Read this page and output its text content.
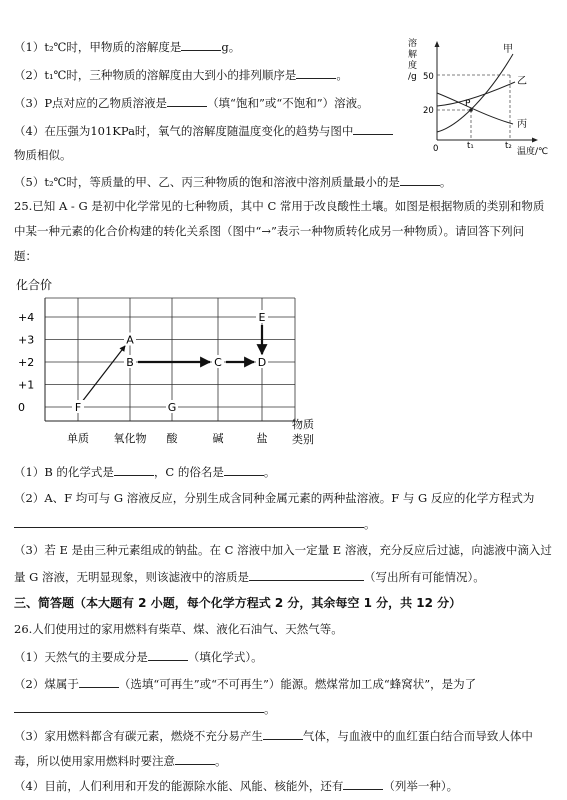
（1）t₂℃时，甲物质的溶解度是	g。
（2）t₁℃时，三种物质的溶解度由大到小的排列顺序是	。
（3）P点对应的乙物质溶液是	（填“饱和”或“不饱和”）溶液。
（4）在压强为101KPa时，氧气的溶解度随温度变化的趋势与图中
物质相似。
（5）t₂℃时，等质量的甲、乙、丙三种物质的饱和溶液中溶剂质量最小的是	。
溶
解
度
/g 50
20
P
甲
乙
丙
0	t₁	t₂
温度/℃
25.已知 A - G 是初中化学常见的七种物质，其中 C 常用于改良酸性土壤。如图是根据物质的类别和物质
中某一种元素的化合价构建的转化关系图（图中“→”表示一种物质转化成另一种物质）。请回答下列问
题：
化合价
+4
+3
+2
+1
0
单质 氧化物 酸	碱	盐
A
B	C	D
E
F	G
物质
类别
（1）B 的化学式是	，C 的俗名是	。
（2）A、F 均可与 G 溶液反应，分别生成含同种金属元素的两种盐溶液。F 与 G 反应的化学方程式为
。
（3）若 E 是由三种元素组成的钠盐。在 C 溶液中加入一定量 E 溶液，充分反应后过滤，向滤液中滴入过
量 G 溶液，无明显现象，则该滤液中的溶质是	（写出所有可能情况）。
三、简答题（本大题有 2 小题，每个化学方程式 2 分，其余每空 1 分，共 12 分）
26.人们使用过的家用燃料有柴草、煤、液化石油气、天然气等。
（1）天然气的主要成分是	（填化学式）。
（2）煤属于	（选填“可再生”或“不可再生”）能源。燃煤常加工成“蜂窝状”，是为了
。
（3）家用燃料都含有碳元素，燃烧不充分易产生	气体，与血液中的血红蛋白结合而导致人体中
毒，所以使用家用燃料时要注意	。
（4）目前，人们利用和开发的能源除水能、风能、核能外，还有	（列举一种）。
